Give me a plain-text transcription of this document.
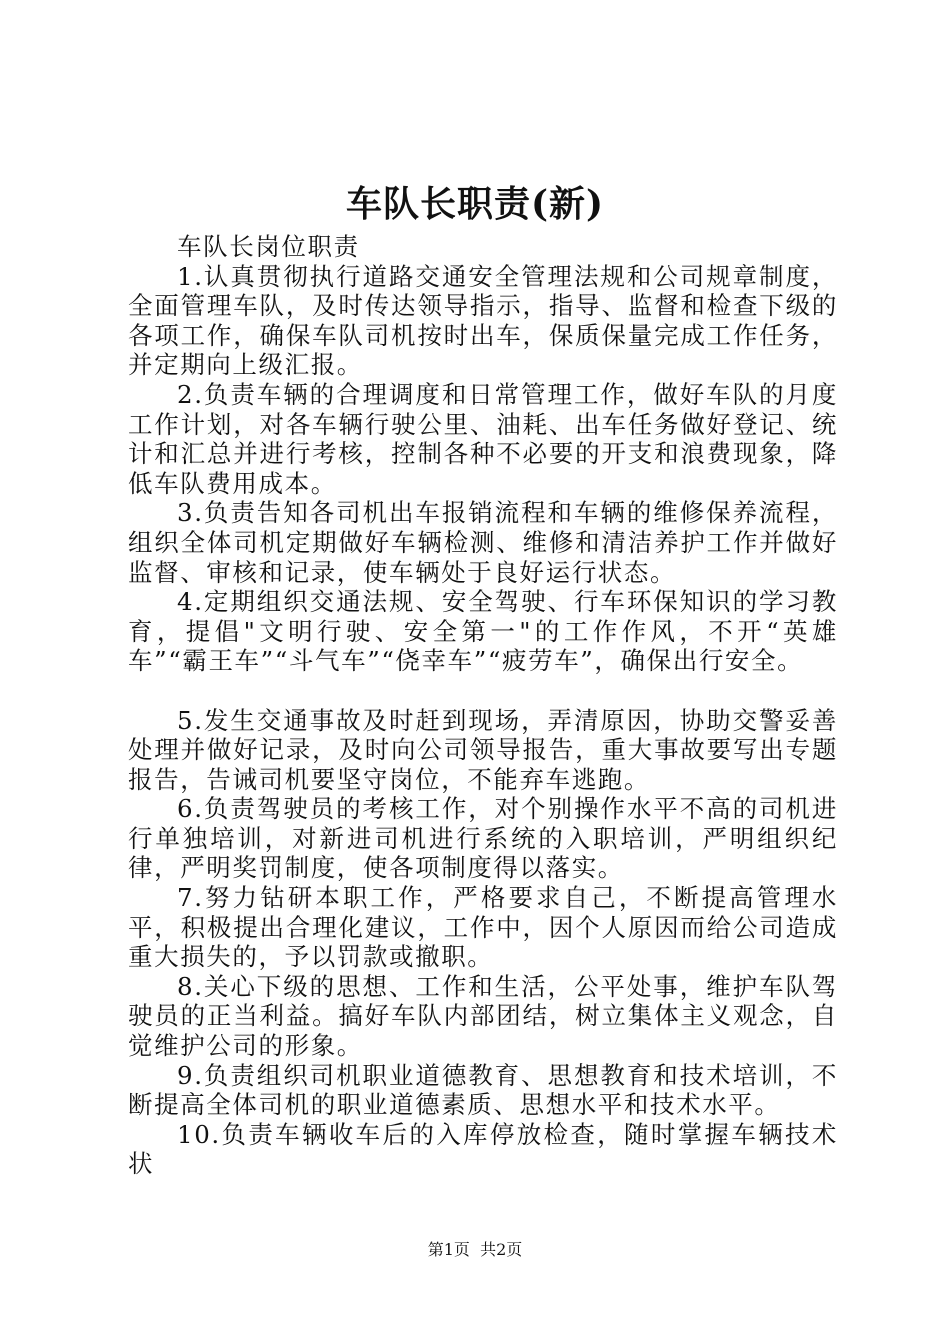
车队长职责(新)

车队长岗位职责

1.认真贯彻执行道路交通安全管理法规和公司规章制度，全面管理车队，及时传达领导指示，指导、监督和检查下级的各项工作，确保车队司机按时出车，保质保量完成工作任务，并定期向上级汇报。

2.负责车辆的合理调度和日常管理工作，做好车队的月度工作计划，对各车辆行驶公里、油耗、出车任务做好登记、统计和汇总并进行考核，控制各种不必要的开支和浪费现象，降低车队费用成本。

3.负责告知各司机出车报销流程和车辆的维修保养流程，组织全体司机定期做好车辆检测、维修和清洁养护工作并做好监督、审核和记录，使车辆处于良好运行状态。

4.定期组织交通法规、安全驾驶、行车环保知识的学习教育，提倡"文明行驶、安全第一"的工作作风，不开“英雄车”“霸王车”“斗气车”“侥幸车”“疲劳车”，确保出行安全。

5.发生交通事故及时赶到现场，弄清原因，协助交警妥善处理并做好记录，及时向公司领导报告，重大事故要写出专题报告，告诫司机要坚守岗位，不能弃车逃跑。

6.负责驾驶员的考核工作，对个别操作水平不高的司机进行单独培训，对新进司机进行系统的入职培训，严明组织纪律，严明奖罚制度，使各项制度得以落实。

7.努力钻研本职工作，严格要求自己，不断提高管理水平，积极提出合理化建议，工作中，因个人原因而给公司造成重大损失的，予以罚款或撤职。

8.关心下级的思想、工作和生活，公平处事，维护车队驾驶员的正当利益。搞好车队内部团结，树立集体主义观念，自觉维护公司的形象。

9.负责组织司机职业道德教育、思想教育和技术培训，不断提高全体司机的职业道德素质、思想水平和技术水平。

10.负责车辆收车后的入库停放检查，随时掌握车辆技术状

第1页  共2页
